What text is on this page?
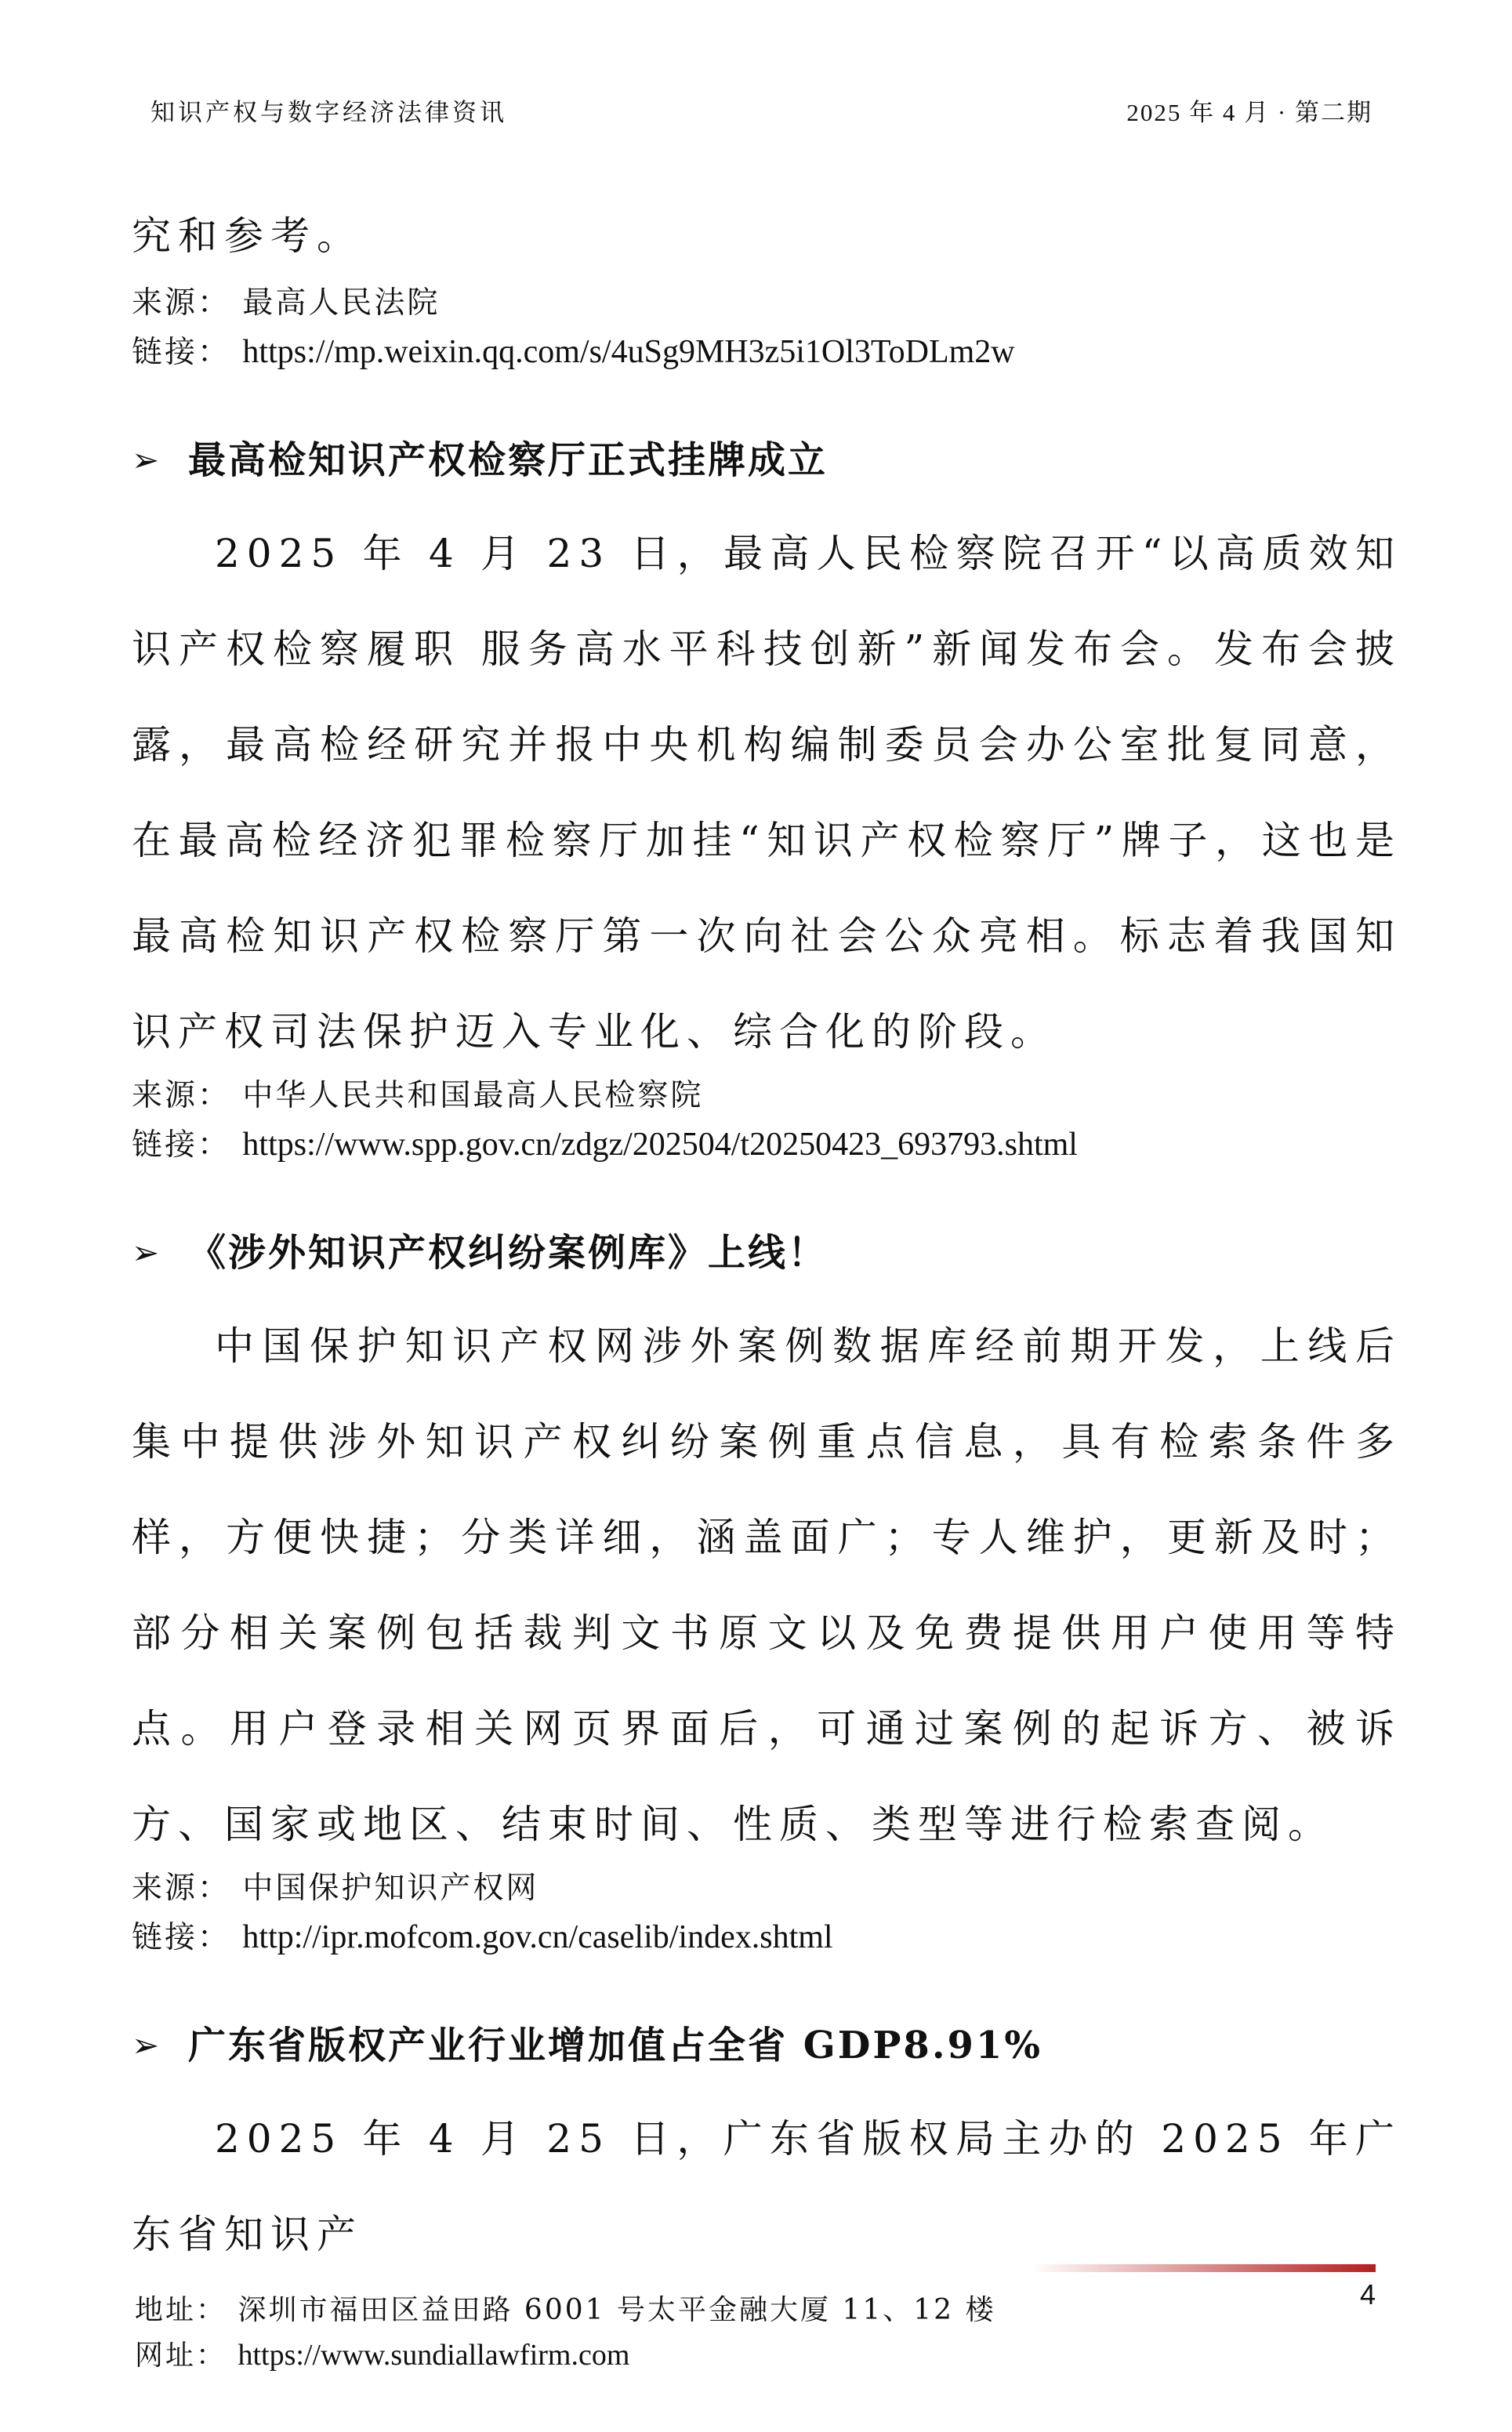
知识产权与数字经济法律资讯	2025 年 4 月 · 第二期

究和参考。

来源： 最高人民法院

链接： https://mp.weixin.qq.com/s/4uSg9MH3z5i1Ol3ToDLm2w

➢ 最高检知识产权检察厅正式挂牌成立

2025 年 4 月 23 日，最高人民检察院召开“以高质效知识产权检察履职 服务高水平科技创新”新闻发布会。发布会披露，最高检经研究并报中央机构编制委员会办公室批复同意，在最高检经济犯罪检察厅加挂“知识产权检察厅”牌子，这也是最高检知识产权检察厅第一次向社会公众亮相。标志着我国知识产权司法保护迈入专业化、综合化的阶段。

来源： 中华人民共和国最高人民检察院

链接： https://www.spp.gov.cn/zdgz/202504/t20250423_693793.shtml

➢ 《涉外知识产权纠纷案例库》上线！

中国保护知识产权网涉外案例数据库经前期开发，上线后集中提供涉外知识产权纠纷案例重点信息，具有检索条件多样，方便快捷；分类详细，涵盖面广；专人维护，更新及时；部分相关案例包括裁判文书原文以及免费提供用户使用等特点。用户登录相关网页界面后，可通过案例的起诉方、被诉方、国家或地区、结束时间、性质、类型等进行检索查阅。

来源： 中国保护知识产权网

链接： http://ipr.mofcom.gov.cn/caselib/index.shtml

➢ 广东省版权产业行业增加值占全省 GDP8.91%

2025 年 4 月 25 日，广东省版权局主办的 2025 年广东省知识产

地址： 深圳市福田区益田路 6001 号太平金融大厦 11、12 楼
网址： https://www.sundiallawfirm.com
4
